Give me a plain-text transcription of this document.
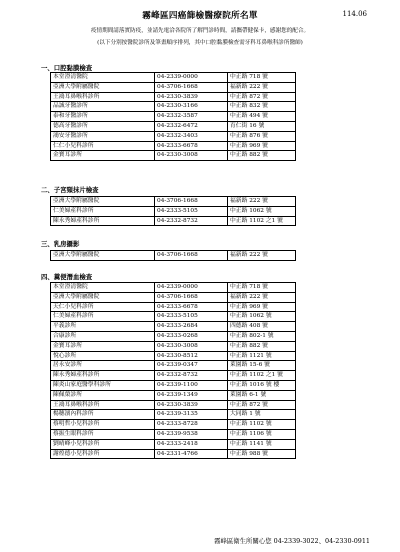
霧峰區四癌篩檢醫療院所名單	114.06
疫情期間請落實防疫，並請先電洽各院所了解門診時間，請攜帶健保卡，感謝您的配合。
(以下分別按醫院診所及筆畫順序排列，其中口腔黏膜檢查需牙科耳鼻喉科診所醫師)
一、口腔黏膜檢查
本堂澄清醫院	04-2339-0000	中正路 718 號
亞洲大學附屬醫院	04-3706-1668	福新路 222 號
王鴻耳鼻喉科診所	04-2330-3839	中正路 872 號
品誠牙醫診所	04-2330-3166	中正路 832 號
泰和牙醫診所	04-2332-3587	中正路 494 號
德高牙醫診所	04-2332-6472	育仁街 16 號
鴻安牙醫診所	04-2332-3403	中正路 876 號
仁仁小兒科診所	04-2333-6678	中正路 969 號
金寶耳診所	04-2330-3008	中正路 882 號
二、子宮頸抹片檢查
亞洲大學附屬醫院	04-3706-1668	福新路 222 號
仁美婦產科診所	04-2333-5105	中正路 1062 號
陳永秀婦產科診所	04-2332-8732	中正路 1102 之1 號
三、乳房攝影
亞洲大學附屬醫院	04-3706-1668	福新路 222 號
四、糞便潛血檢查
本堂澄清醫院	04-2339-0000	中正路 718 號
亞洲大學附屬醫院	04-3706-1668	福新路 222 號
天仁小兒科診所	04-2333-6678	中正路 969 號
仁美婦產科診所	04-2333-5105	中正路 1062 號
平義診所	04-2333-2684	四德路 408 號
合康診所	04-2333-0268	中正路 802-1 號
金寶耳診所	04-2330-3008	中正路 882 號
悅心診所	04-2330-8512	中正路 1121 號
居永安診所	04-2339-0347	萊園路 15-6 號
陳永秀婦產科診所	04-2332-8732	中正路 1102 之1 號
陳炎山家庭醫學科診所	04-2339-1100	中正路 1016 號 樓
陳佩榮診所	04-2339-1349	萊園路 6-1 號
王鴻耳鼻喉科診所	04-2330-3839	中正路 872 號
楊穗濱內科診所	04-2339-3135	大同路 1 號
蔡明哲小兒科診所	04-2333-8728	中正路 1102 號
蔡振生眼科診所	04-2339-9538	中正路 1106 號
劉晴峰小兒科診所	04-2333-2418	中正路 1141 號
謝煌德小兒科診所	04-2331-4766	中正路 988 號
霧峰區衛生所關心您 04-2339-3022、04-2330-0911
